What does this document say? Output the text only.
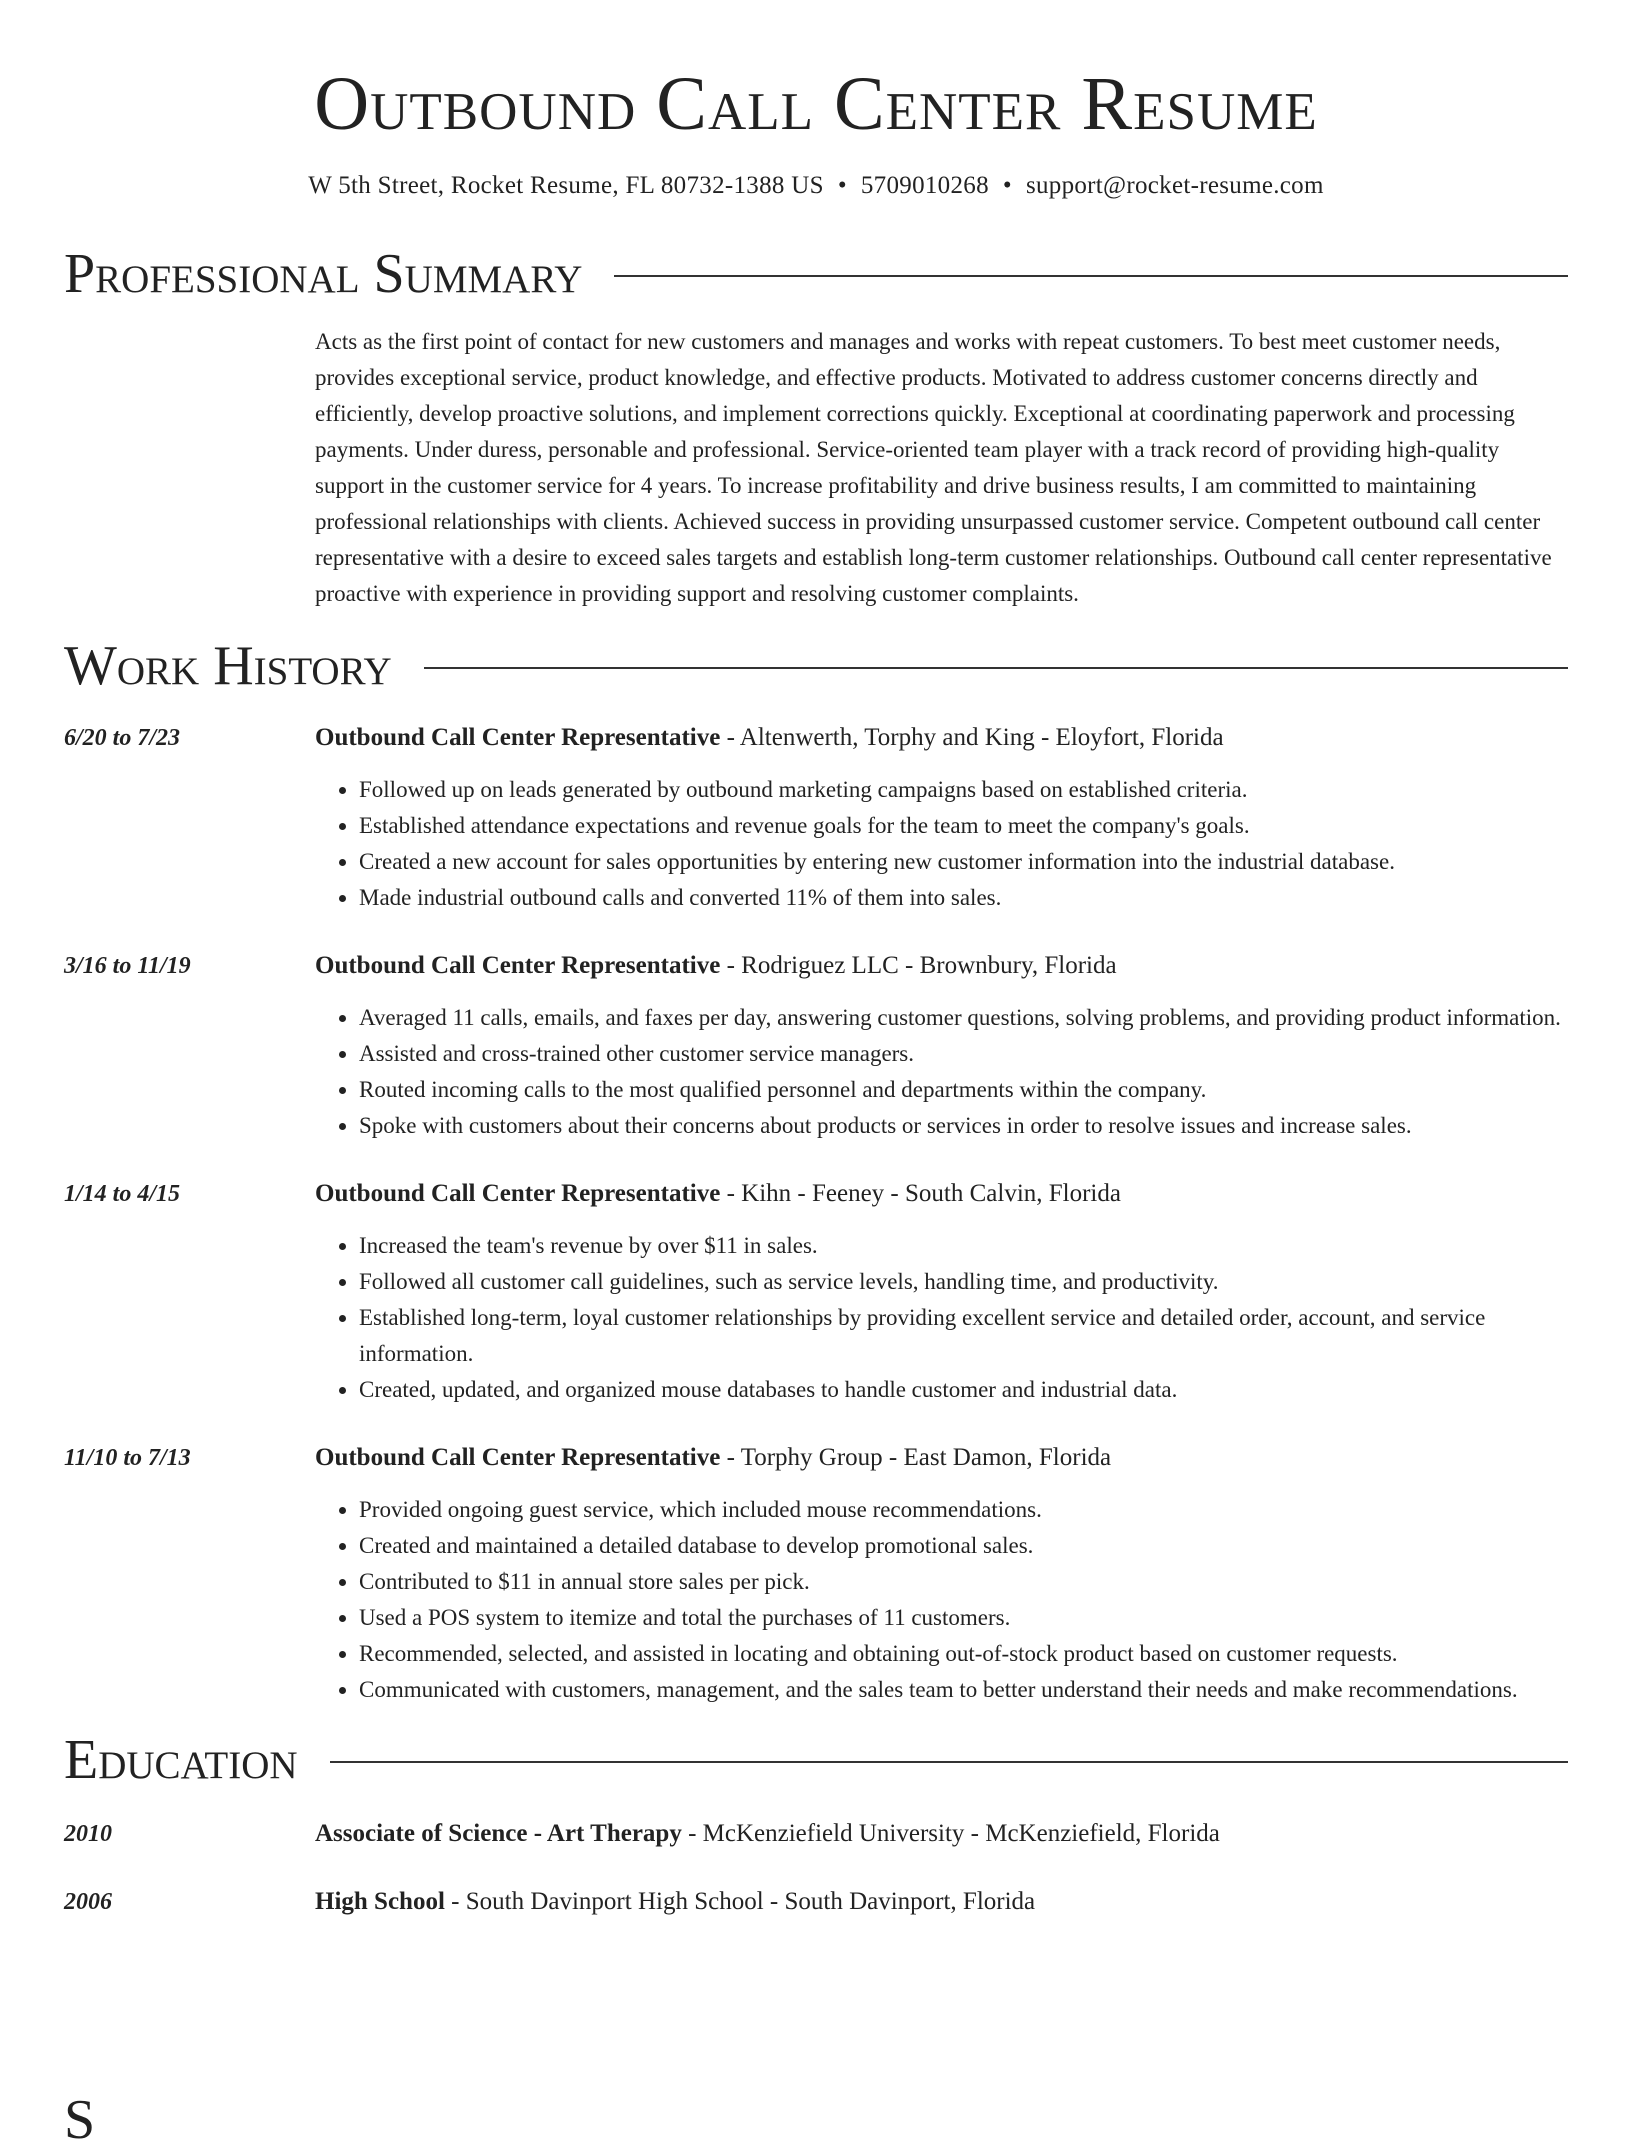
Outbound Call Center Resume
W 5th Street, Rocket Resume, FL 80732-1388 US • 5709010268 • support@rocket-resume.com
Professional Summary
Acts as the first point of contact for new customers and manages and works with repeat customers. To best meet customer needs, provides exceptional service, product knowledge, and effective products. Motivated to address customer concerns directly and efficiently, develop proactive solutions, and implement corrections quickly. Exceptional at coordinating paperwork and processing payments. Under duress, personable and professional. Service-oriented team player with a track record of providing high-quality support in the customer service for 4 years. To increase profitability and drive business results, I am committed to maintaining professional relationships with clients. Achieved success in providing unsurpassed customer service. Competent outbound call center representative with a desire to exceed sales targets and establish long-term customer relationships. Outbound call center representative proactive with experience in providing support and resolving customer complaints.
Work History
6/20 to 7/23	Outbound Call Center Representative - Altenwerth, Torphy and King - Eloyfort, Florida
• Followed up on leads generated by outbound marketing campaigns based on established criteria.
• Established attendance expectations and revenue goals for the team to meet the company's goals.
• Created a new account for sales opportunities by entering new customer information into the industrial database.
• Made industrial outbound calls and converted 11% of them into sales.
3/16 to 11/19	Outbound Call Center Representative - Rodriguez LLC - Brownbury, Florida
• Averaged 11 calls, emails, and faxes per day, answering customer questions, solving problems, and providing product information.
• Assisted and cross-trained other customer service managers.
• Routed incoming calls to the most qualified personnel and departments within the company.
• Spoke with customers about their concerns about products or services in order to resolve issues and increase sales.
1/14 to 4/15	Outbound Call Center Representative - Kihn - Feeney - South Calvin, Florida
• Increased the team's revenue by over $11 in sales.
• Followed all customer call guidelines, such as service levels, handling time, and productivity.
• Established long-term, loyal customer relationships by providing excellent service and detailed order, account, and service information.
• Created, updated, and organized mouse databases to handle customer and industrial data.
11/10 to 7/13	Outbound Call Center Representative - Torphy Group - East Damon, Florida
• Provided ongoing guest service, which included mouse recommendations.
• Created and maintained a detailed database to develop promotional sales.
• Contributed to $11 in annual store sales per pick.
• Used a POS system to itemize and total the purchases of 11 customers.
• Recommended, selected, and assisted in locating and obtaining out-of-stock product based on customer requests.
• Communicated with customers, management, and the sales team to better understand their needs and make recommendations.
Education
2010	Associate of Science - Art Therapy - McKenziefield University - McKenziefield, Florida
2006	High School - South Davinport High School - South Davinport, Florida
S
